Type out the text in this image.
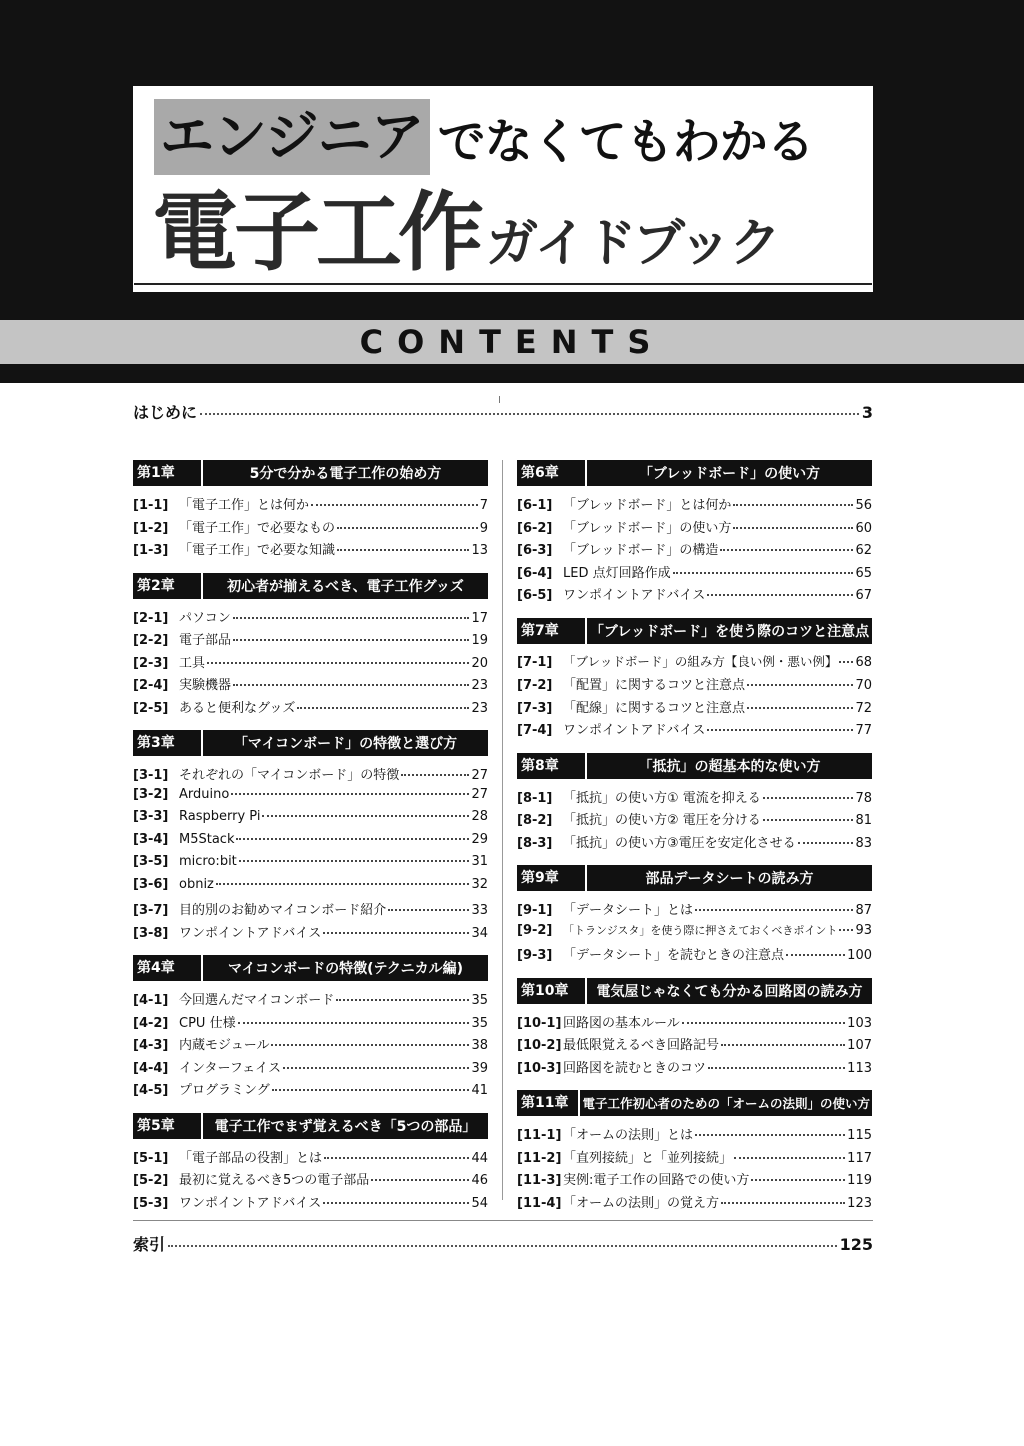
エンジニア でなくてもわかる
電子工作 ガイドブック
CONTENTS
はじめに	3
第1章	5分で分かる電子工作の始め方
[1-1] 「電子工作」とは何か	7
[1-2] 「電子工作」で必要なもの	9
[1-3] 「電子工作」で必要な知識	13
第2章	初心者が揃えるべき、電子工作グッズ
[2-1] パソコン	17
[2-2] 電子部品	19
[2-3] 工具	20
[2-4] 実験機器	23
[2-5] あると便利なグッズ	23
第3章	「マイコンボード」の特徴と選び方
[3-1] それぞれの「マイコンボード」の特徴	27
[3-2] Arduino	27
[3-3] Raspberry Pi	28
[3-4] M5Stack	29
[3-5] micro:bit	31
[3-6] obniz	32
[3-7] 目的別のお勧めマイコンボード紹介	33
[3-8] ワンポイントアドバイス	34
第4章	マイコンボードの特徴(テクニカル編)
[4-1] 今回選んだマイコンボード	35
[4-2] CPU 仕様	35
[4-3] 内蔵モジュール	38
[4-4] インターフェイス	39
[4-5] プログラミング	41
第5章	電子工作でまず覚えるべき「5つの部品」
[5-1] 「電子部品の役割」とは	44
[5-2] 最初に覚えるべき5つの電子部品	46
[5-3] ワンポイントアドバイス	54
第6章	「ブレッドボード」の使い方
[6-1] 「ブレッドボード」とは何か	56
[6-2] 「ブレッドボード」の使い方	60
[6-3] 「ブレッドボード」の構造	62
[6-4] LED 点灯回路作成	65
[6-5] ワンポイントアドバイス	67
第7章	「ブレッドボード」を使う際のコツと注意点
[7-1] 「ブレッドボード」の組み方【良い例・悪い例】 68
[7-2] 「配置」に関するコツと注意点	70
[7-3] 「配線」に関するコツと注意点	72
[7-4] ワンポイントアドバイス	77
第8章	「抵抗」の超基本的な使い方
[8-1] 「抵抗」の使い方① 電流を抑える	78
[8-2] 「抵抗」の使い方② 電圧を分ける	81
[8-3] 「抵抗」の使い方③電圧を安定化させる	83
第9章	部品データシートの読み方
[9-1] 「データシート」とは	87
[9-2] 「トランジスタ」を使う際に押さえておくべきポイント 93
[9-3] 「データシート」を読むときの注意点	100
第10章	電気屋じゃなくても分かる回路図の読み方
[10-1] 回路図の基本ルール	103
[10-2] 最低限覚えるべき回路記号	107
[10-3] 回路図を読むときのコツ	113
第11章	電子工作初心者のための「オームの法則」の使い方
[11-1] 「オームの法則」とは	115
[11-2] 「直列接続」と「並列接続」	117
[11-3] 実例:電子工作の回路での使い方	119
[11-4] 「オームの法則」の覚え方	123
索引	125
